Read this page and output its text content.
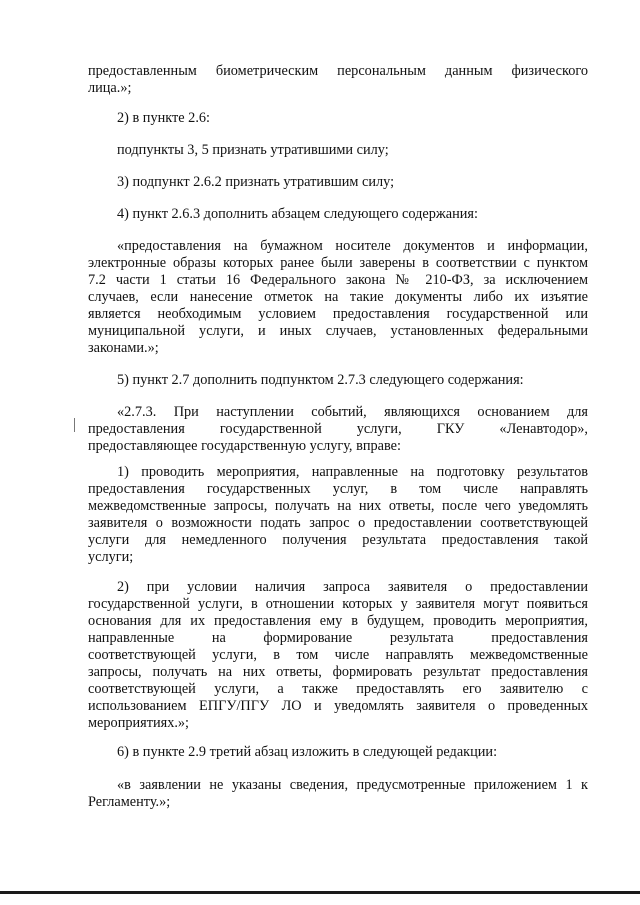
предоставленным биометрическим персональным данным физического

лица.»;

2) в пункте 2.6:

подпункты 3, 5 признать утратившими силу;

3) подпункт 2.6.2 признать утратившим силу;

4) пункт 2.6.3 дополнить абзацем следующего содержания:

«предоставления на бумажном носителе документов и информации,

электронные образы которых ранее были заверены в соответствии с пунктом

7.2 части 1 статьи 16 Федерального закона № 210-ФЗ, за исключением

случаев, если нанесение отметок на такие документы либо их изъятие

является необходимым условием предоставления государственной или

муниципальной услуги, и иных случаев, установленных федеральными

законами.»;

5) пункт 2.7 дополнить подпунктом 2.7.3 следующего содержания:

«2.7.3. При наступлении событий, являющихся основанием для

предоставления государственной услуги, ГКУ «Ленавтодор»,

предоставляющее государственную услугу, вправе:

1) проводить мероприятия, направленные на подготовку результатов

предоставления государственных услуг, в том числе направлять

межведомственные запросы, получать на них ответы, после чего уведомлять

заявителя о возможности подать запрос о предоставлении соответствующей

услуги для немедленного получения результата предоставления такой

услуги;

2) при условии наличия запроса заявителя о предоставлении

государственной услуги, в отношении которых у заявителя могут появиться

основания для их предоставления ему в будущем, проводить мероприятия,

направленные на формирование результата предоставления

соответствующей услуги, в том числе направлять межведомственные

запросы, получать на них ответы, формировать результат предоставления

соответствующей услуги, а также предоставлять его заявителю с

использованием ЕПГУ/ПГУ ЛО и уведомлять заявителя о проведенных

мероприятиях.»;

6) в пункте 2.9 третий абзац изложить в следующей редакции:

«в заявлении не указаны сведения, предусмотренные приложением 1 к

Регламенту.»;
